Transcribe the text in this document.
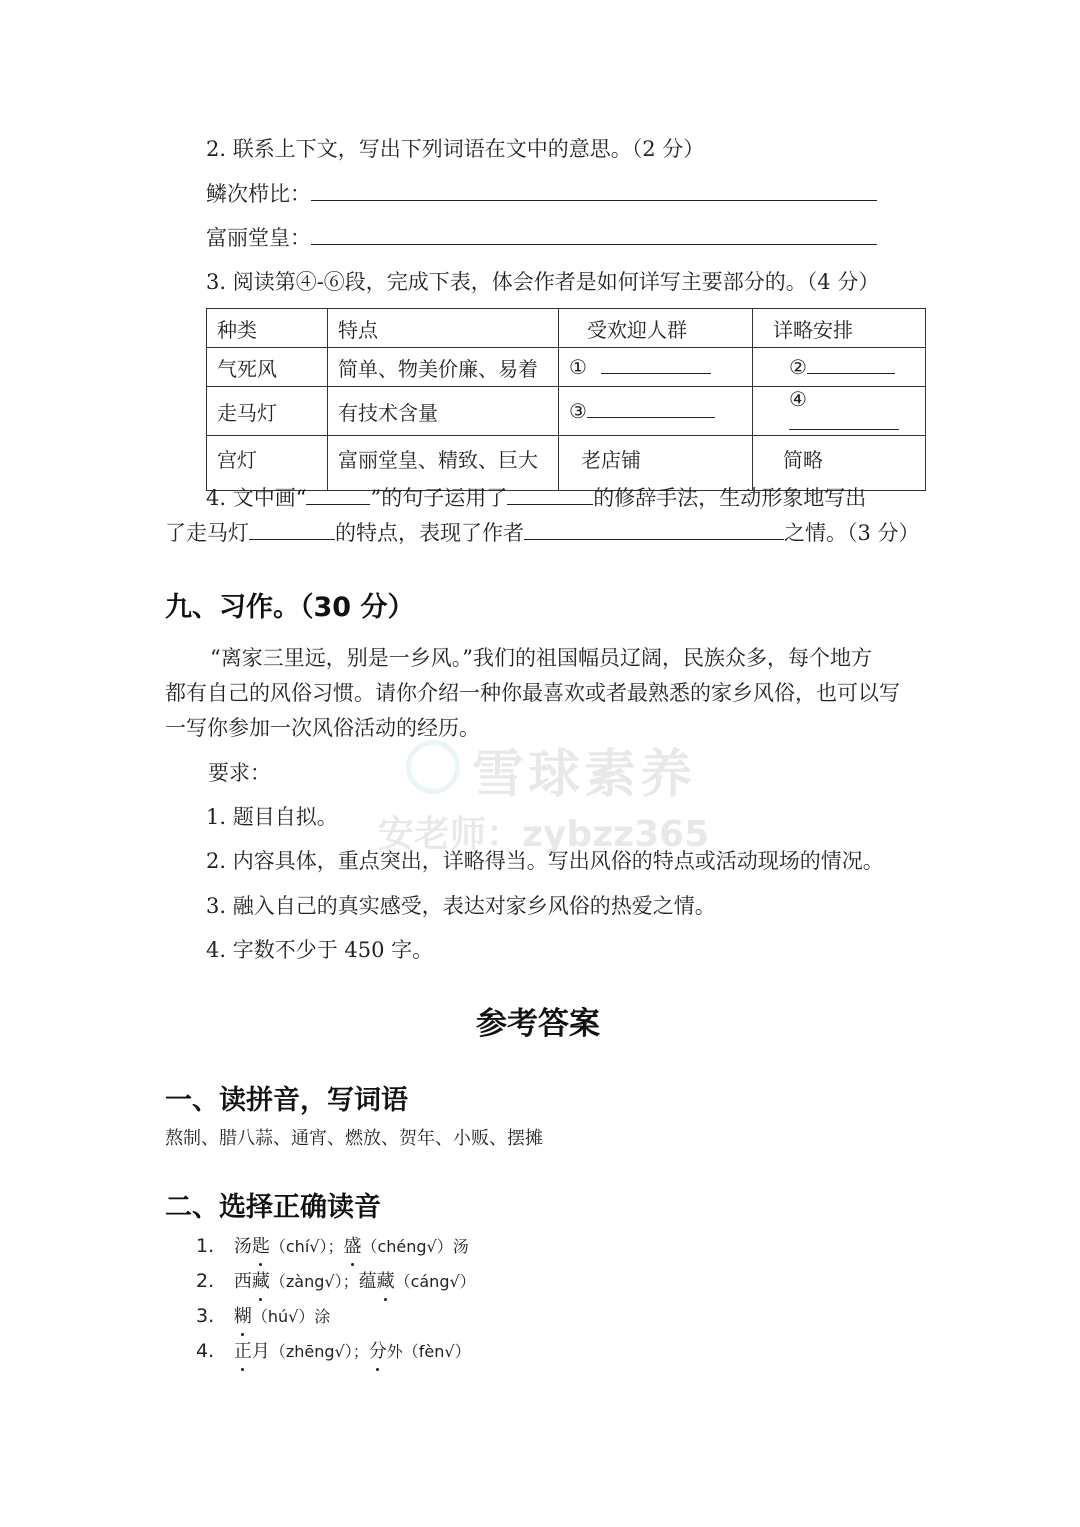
2. 联系上下文，写出下列词语在文中的意思。（2 分）
鳞次栉比：
富丽堂皇：
3. 阅读第④-⑥段，完成下表，体会作者是如何详写主要部分的。（4 分）
种类	特点	受欢迎人群	详略安排
气死风	简单、物美价廉、易着	①	②
走马灯	有技术含量	③	④
宫灯	富丽堂皇、精致、巨大	老店铺	简略
4. 文中画“	”的句子运用了	的修辞手法，生动形象地写出
了走马灯	的特点，表现了作者	之情。（3 分）
九、习作。（30 分）
“离家三里远，别是一乡风。”我们的祖国幅员辽阔，民族众多，每个地方
都有自己的风俗习惯。请你介绍一种你最喜欢或者最熟悉的家乡风俗，也可以写
一写你参加一次风俗活动的经历。
雪球素养
安老师：zybzz365
要求：
1. 题目自拟。
2. 内容具体，重点突出，详略得当。写出风俗的特点或活动现场的情况。
3. 融入自己的真实感受，表达对家乡风俗的热爱之情。
4. 字数不少于 450 字。
参考答案
一、读拼音，写词语
熬制、腊八蒜、通宵、燃放、贺年、小贩、摆摊
二、选择正确读音
1. 汤匙（chí√）；盛（chéng√）汤
2. 西藏（zàng√）；蕴藏（cáng√）
3. 糊（hú√）涂
4. 正月（zhēng√）；分外（fèn√）
